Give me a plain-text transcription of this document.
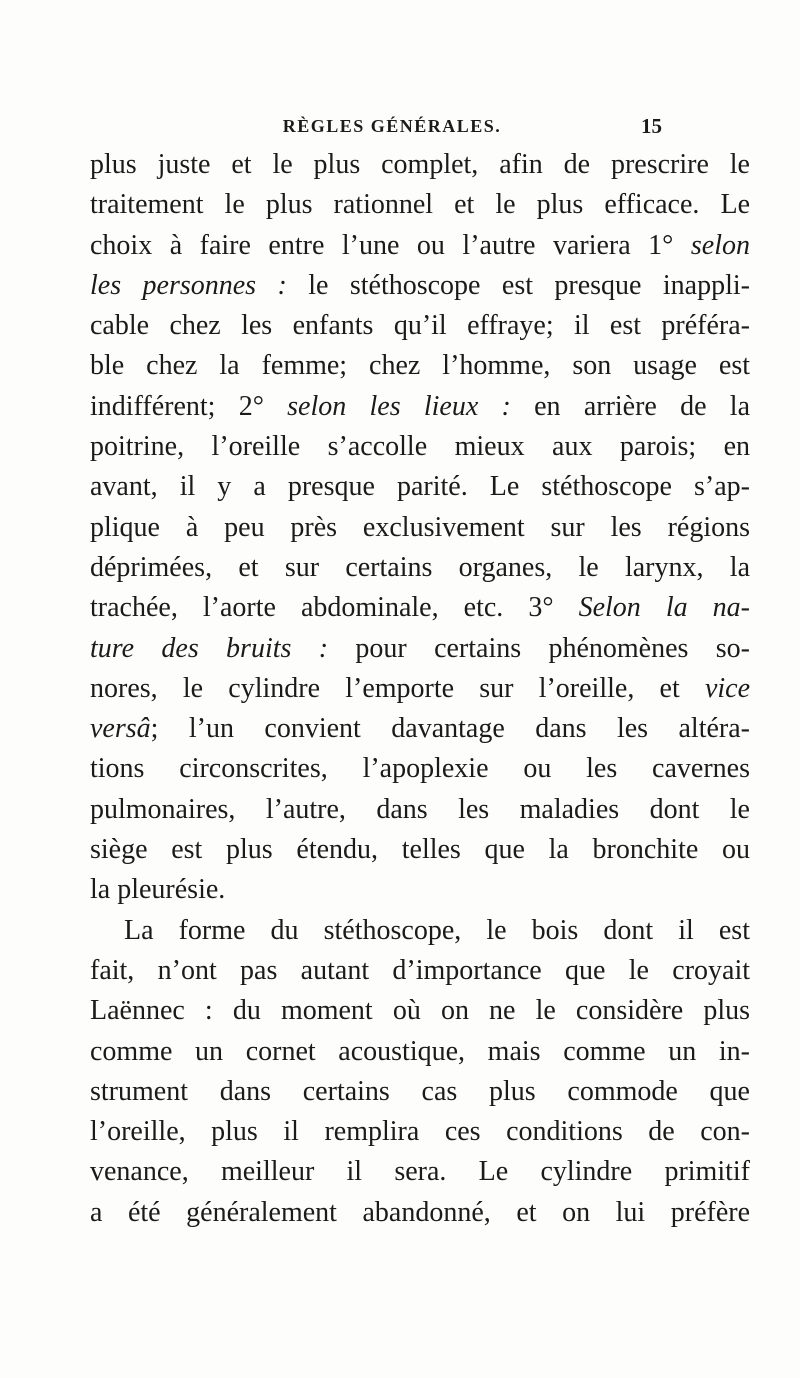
RÈGLES GÉNÉRALES.	15
plus juste et le plus complet, afin de prescrire le
traitement le plus rationnel et le plus efficace. Le
choix à faire entre l’une ou l’autre variera 1° selon
les personnes : le stéthoscope est presque inappli-
cable chez les enfants qu’il effraye; il est préféra-
ble chez la femme; chez l’homme, son usage est
indifférent; 2° selon les lieux : en arrière de la
poitrine, l’oreille s’accolle mieux aux parois; en
avant, il y a presque parité. Le stéthoscope s’ap-
plique à peu près exclusivement sur les régions
déprimées, et sur certains organes, le larynx, la
trachée, l’aorte abdominale, etc. 3° Selon la na-
ture des bruits : pour certains phénomènes so-
nores, le cylindre l’emporte sur l’oreille, et vice
versâ; l’un convient davantage dans les altéra-
tions circonscrites, l’apoplexie ou les cavernes
pulmonaires, l’autre, dans les maladies dont le
siège est plus étendu, telles que la bronchite ou
la pleurésie.
La forme du stéthoscope, le bois dont il est
fait, n’ont pas autant d’importance que le croyait
Laënnec : du moment où on ne le considère plus
comme un cornet acoustique, mais comme un in-
strument dans certains cas plus commode que
l’oreille, plus il remplira ces conditions de con-
venance, meilleur il sera. Le cylindre primitif
a été généralement abandonné, et on lui préfère
